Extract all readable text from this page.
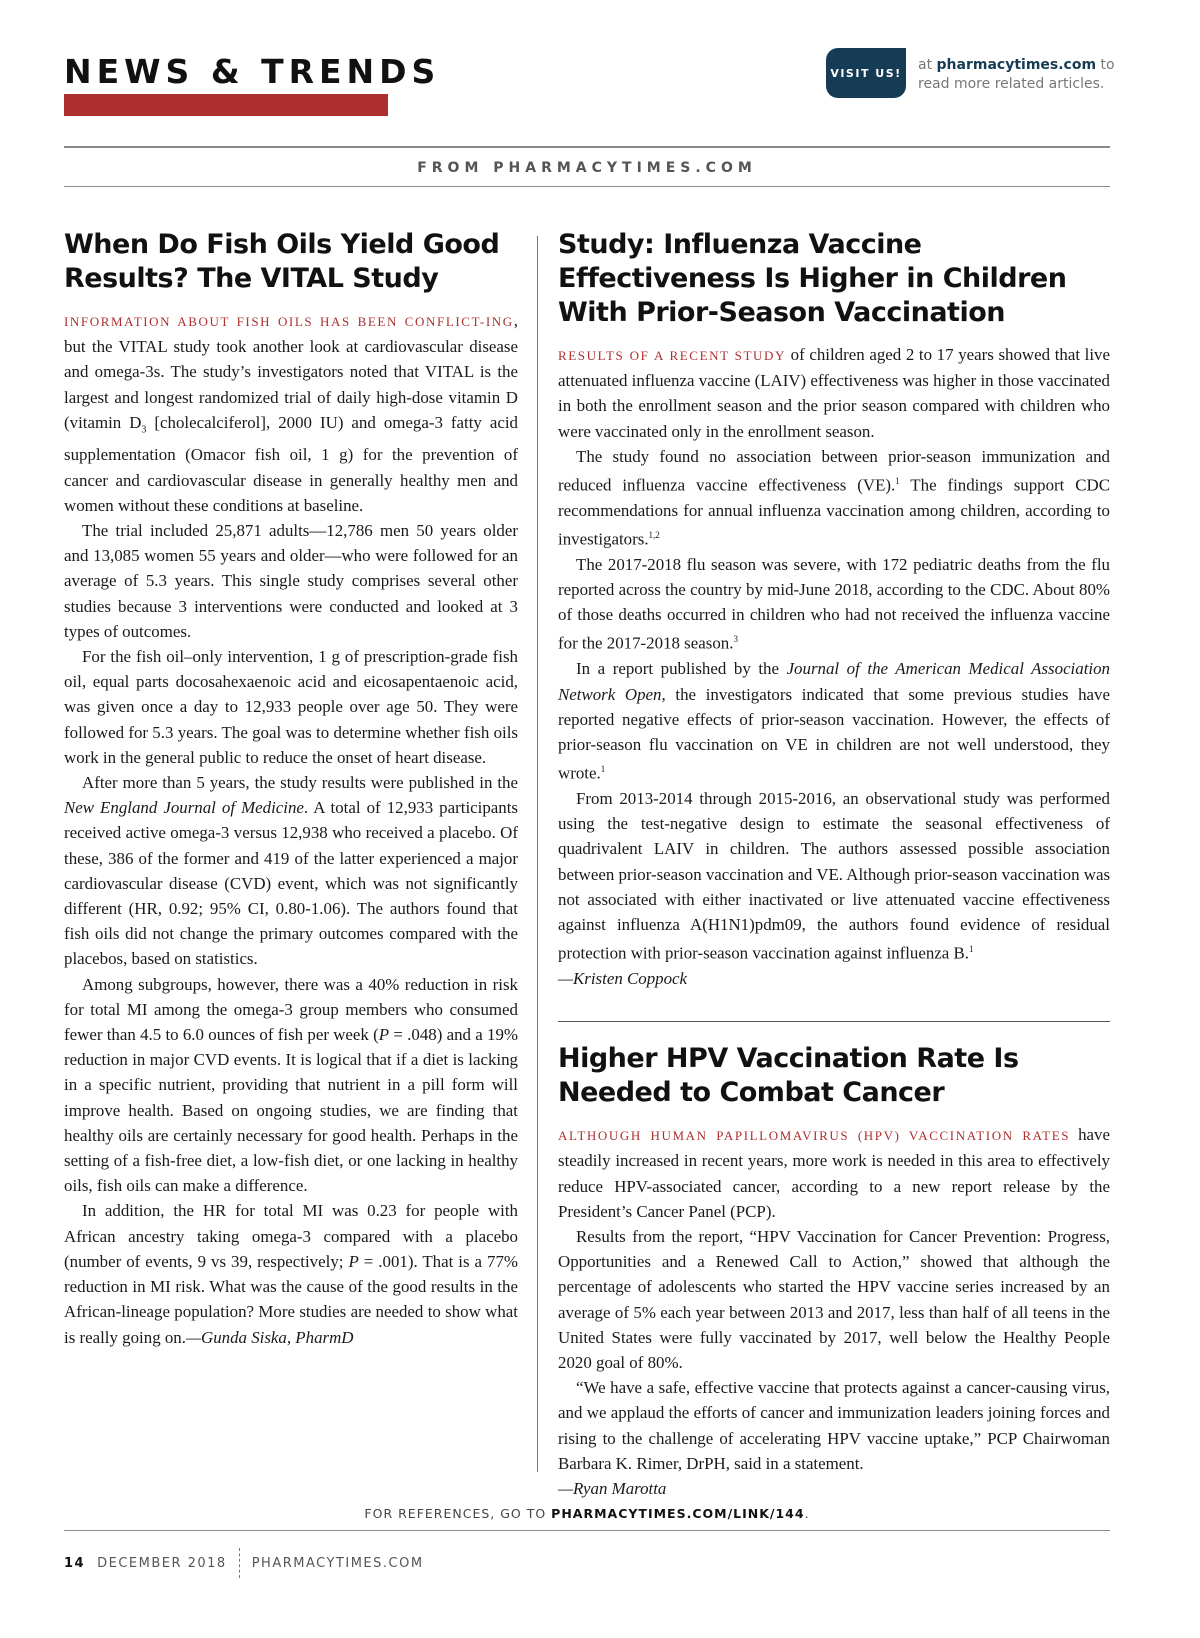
NEWS & TRENDS	VISIT US!	at pharmacytimes.com to
read more related articles.
FROM PHARMACYTIMES.COM
When Do Fish Oils Yield Good Results? The VITAL Study

INFORMATION ABOUT FISH OILS HAS BEEN CONFLICT-ING, but the VITAL study took another look at cardiovascular disease and omega-3s. The study’s investigators noted that VITAL is the largest and longest randomized trial of daily high-dose vitamin D (vitamin $D_3$ [cholecalciferol], 2000 IU) and omega-3 fatty acid supplementation (Omacor fish oil, 1 g) for the prevention of cancer and cardiovascular disease in generally healthy men and women without these conditions at baseline.

The trial included 25,871 adults—12,786 men 50 years older and 13,085 women 55 years and older—who were followed for an average of 5.3 years. This single study comprises several other studies because 3 interventions were conducted and looked at 3 types of outcomes.

For the fish oil–only intervention, 1 g of prescription-grade fish oil, equal parts docosahexaenoic acid and eicosapentaenoic acid, was given once a day to 12,933 people over age 50. They were followed for 5.3 years. The goal was to determine whether fish oils work in the general public to reduce the onset of heart disease.

After more than 5 years, the study results were published in the New England Journal of Medicine. A total of 12,933 participants received active omega-3 versus 12,938 who received a placebo. Of these, 386 of the former and 419 of the latter experienced a major cardiovascular disease (CVD) event, which was not significantly different (HR, 0.92; 95% CI, 0.80-1.06). The authors found that fish oils did not change the primary outcomes compared with the placebos, based on statistics.

Among subgroups, however, there was a 40% reduction in risk for total MI among the omega-3 group members who consumed fewer than 4.5 to 6.0 ounces of fish per week (P = .048) and a 19% reduction in major CVD events. It is logical that if a diet is lacking in a specific nutrient, providing that nutrient in a pill form will improve health. Based on ongoing studies, we are finding that healthy oils are certainly necessary for good health. Perhaps in the setting of a fish-free diet, a low-fish diet, or one lacking in healthy oils, fish oils can make a difference.

In addition, the HR for total MI was 0.23 for people with African ancestry taking omega-3 compared with a placebo (number of events, 9 vs 39, respectively; P = .001). That is a 77% reduction in MI risk. What was the cause of the good results in the African-lineage population? More studies are needed to show what is really going on.—Gunda Siska, PharmD

Study: Influenza Vaccine Effectiveness Is Higher in Children With Prior-Season Vaccination

RESULTS OF A RECENT STUDY of children aged 2 to 17 years showed that live attenuated influenza vaccine (LAIV) effectiveness was higher in those vaccinated in both the enrollment season and the prior season compared with children who were vaccinated only in the enrollment season.

The study found no association between prior-season immunization and reduced influenza vaccine effectiveness (VE).$^1$ The findings support CDC recommendations for annual influenza vaccination among children, according to investigators.$^{1,2}$

The 2017-2018 flu season was severe, with 172 pediatric deaths from the flu reported across the country by mid-June 2018, according to the CDC. About 80% of those deaths occurred in children who had not received the influenza vaccine for the 2017-2018 season.$^3$

In a report published by the Journal of the American Medical Association Network Open, the investigators indicated that some previous studies have reported negative effects of prior-season vaccination. However, the effects of prior-season flu vaccination on VE in children are not well understood, they wrote.$^1$

From 2013-2014 through 2015-2016, an observational study was performed using the test-negative design to estimate the seasonal effectiveness of quadrivalent LAIV in children. The authors assessed possible association between prior-season vaccination and VE. Although prior-season vaccination was not associated with either inactivated or live attenuated vaccine effectiveness against influenza A(H1N1)pdm09, the authors found evidence of residual protection with prior-season vaccination against influenza B.$^1$
—Kristen Coppock

Higher HPV Vaccination Rate Is Needed to Combat Cancer

ALTHOUGH HUMAN PAPILLOMAVIRUS (HPV) VACCINATION RATES have steadily increased in recent years, more work is needed in this area to effectively reduce HPV-associated cancer, according to a new report release by the President’s Cancer Panel (PCP).

Results from the report, “HPV Vaccination for Cancer Prevention: Progress, Opportunities and a Renewed Call to Action,” showed that although the percentage of adolescents who started the HPV vaccine series increased by an average of 5% each year between 2013 and 2017, less than half of all teens in the United States were fully vaccinated by 2017, well below the Healthy People 2020 goal of 80%.

“We have a safe, effective vaccine that protects against a cancer-causing virus, and we applaud the efforts of cancer and immunization leaders joining forces and rising to the challenge of accelerating HPV vaccine uptake,” PCP Chairwoman Barbara K. Rimer, DrPH, said in a statement.
—Ryan Marotta

FOR REFERENCES, GO TO PHARMACYTIMES.COM/LINK/144.
14 DECEMBER 2018 PHARMACYTIMES.COM
